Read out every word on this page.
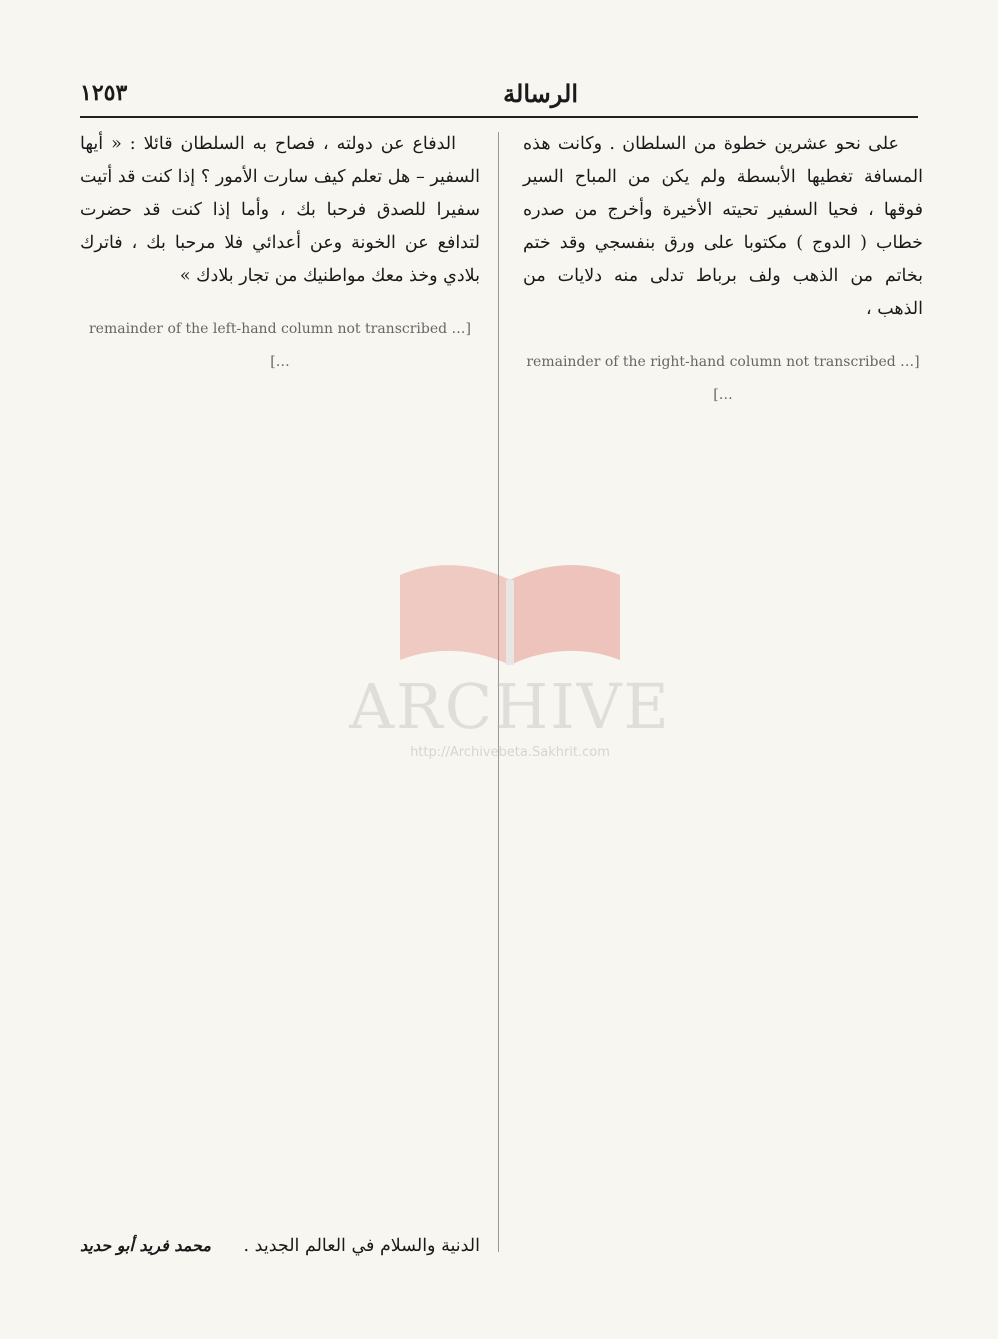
١٢٥٣	الرسالة

على نحو عشرين خطوة من السلطان . وكانت هذه المسافة تغطيها الأبسطة ولم يكن من المباح السير فوقها ، فحيا السفير تحيته الأخيرة وأخرج من صدره خطاب ( الدوج ) مكتوبا على ورق بنفسجي وقد ختم بخاتم من الذهب ولف برباط تدلى منه دلايات من الذهب ،

[… remainder of the right-hand column not transcribed …]

الدفاع عن دولته ، فصاح به السلطان قائلا : « أيها السفير – هل تعلم كيف سارت الأمور ؟ إذا كنت قد أتيت سفيرا للصدق فرحبا بك ، وأما إذا كنت قد حضرت لتدافع عن الخونة وعن أعدائي فلا مرحبا بك ، فاترك بلادي وخذ معك مواطنيك من تجار بلادك »

[… remainder of the left-hand column not transcribed …]

الدنية والسلام في العالم الجديد .
محمد فريد أبو حديد
ARCHIVE
http://Archivebeta.Sakhrit.com
